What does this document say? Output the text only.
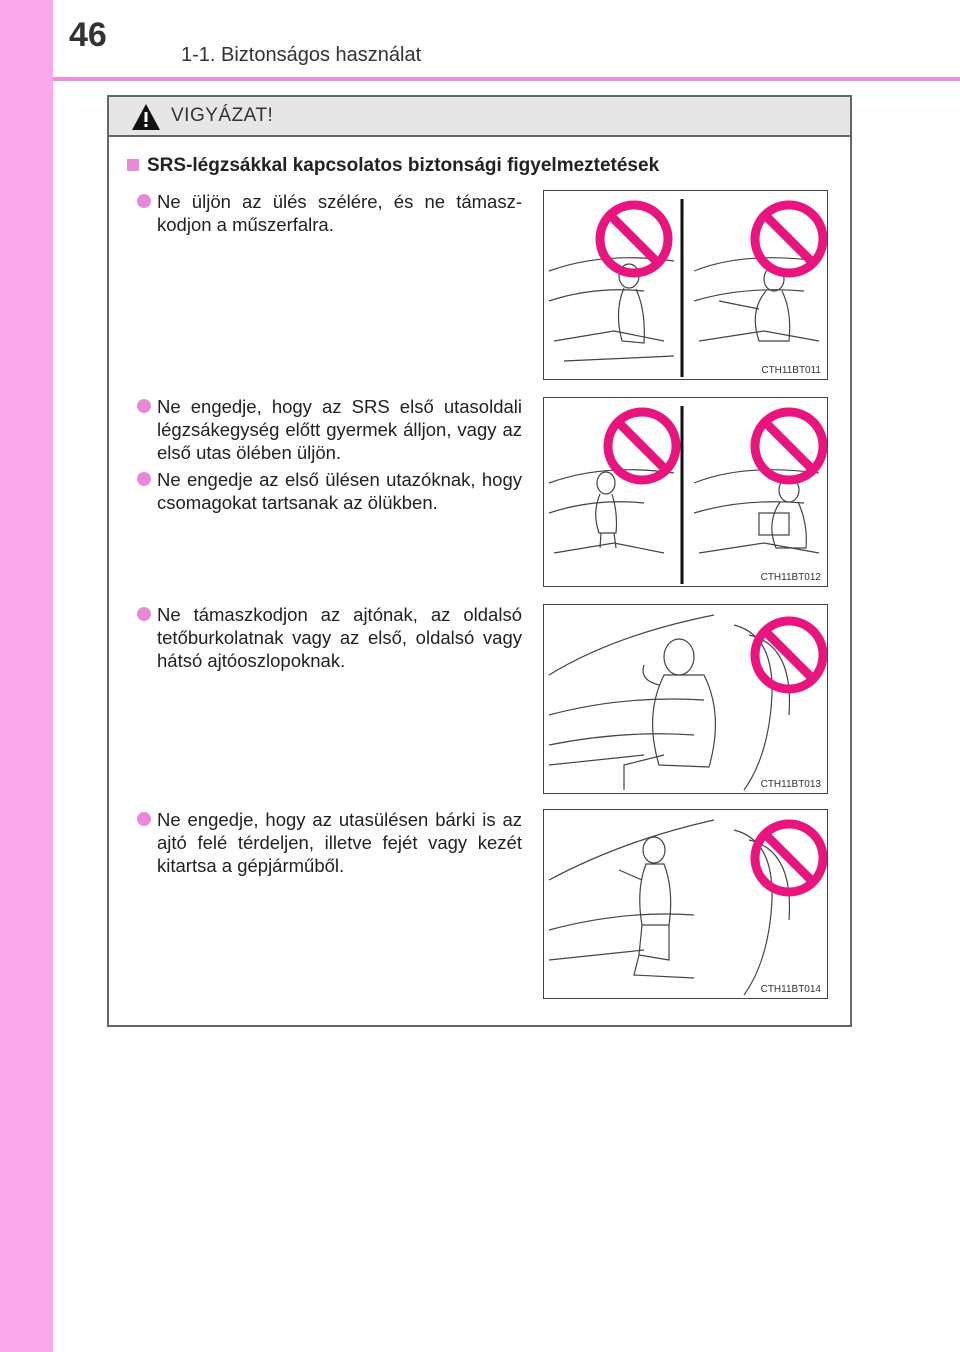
46
1-1. Biztonságos használat
VIGYÁZAT!
SRS-légzsákkal kapcsolatos biztonsági figyelmeztetések
Ne üljön az ülés szélére, és ne támasz-kodjon a műszerfalra.
Ne engedje, hogy az SRS első utasoldali légzsákegység előtt gyermek álljon, vagy az első utas ölében üljön.
Ne engedje az első ülésen utazóknak, hogy csomagokat tartsanak az ölükben.
Ne támaszkodjon az ajtónak, az oldalsó tetőburkolatnak vagy az első, oldalsó vagy hátsó ajtóoszlopoknak.
Ne engedje, hogy az utasülésen bárki is az ajtó felé térdeljen, illetve fejét vagy kezét kitartsa a gépjárműből.
CTH11BT011
CTH11BT012
CTH11BT013
CTH11BT014
